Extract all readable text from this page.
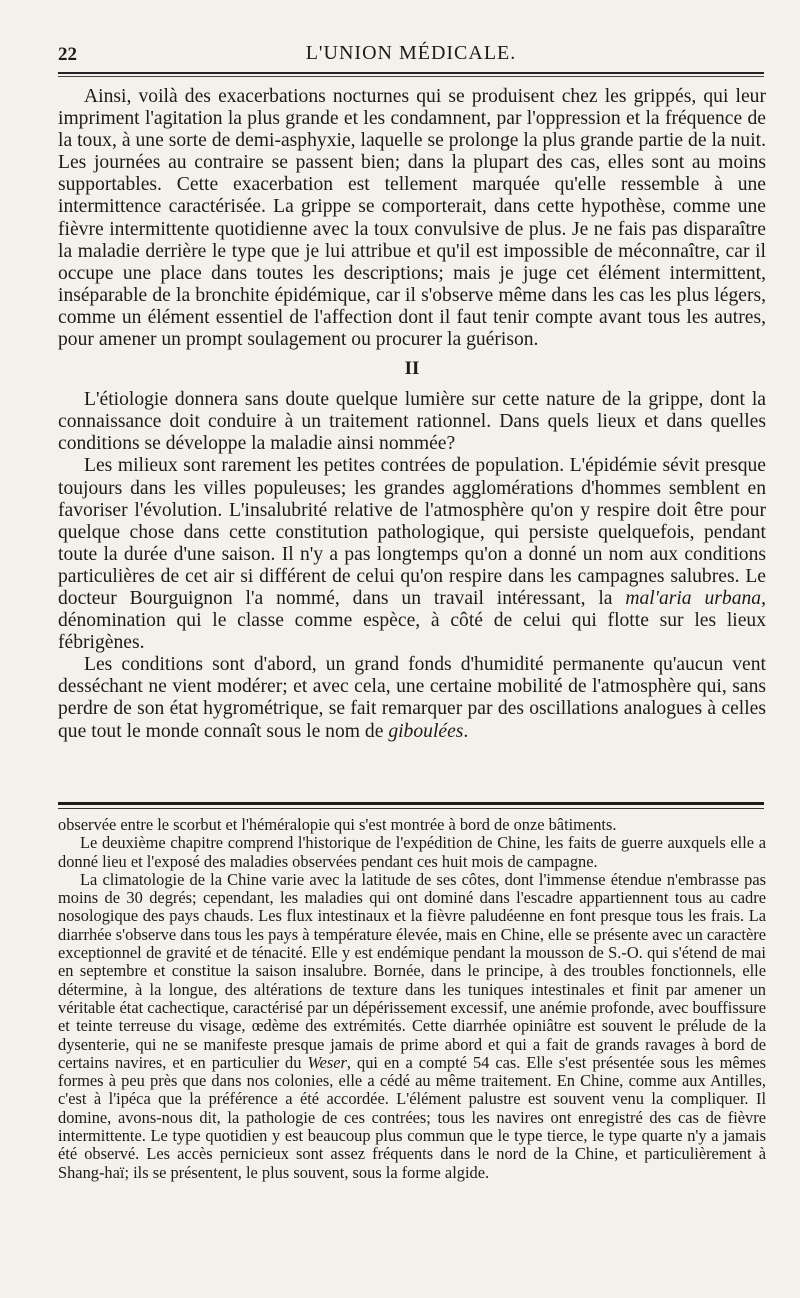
22	L'UNION MÉDICALE.

Ainsi, voilà des exacerbations nocturnes qui se produisent chez les grippés, qui leur impriment l'agitation la plus grande et les condamnent, par l'oppression et la fréquence de la toux, à une sorte de demi-asphyxie, laquelle se prolonge la plus grande partie de la nuit. Les journées au contraire se passent bien; dans la plupart des cas, elles sont au moins supportables. Cette exacerbation est tellement marquée qu'elle ressemble à une intermittence caractérisée. La grippe se comporterait, dans cette hypothèse, comme une fièvre intermittente quotidienne avec la toux convulsive de plus. Je ne fais pas disparaître la maladie derrière le type que je lui attribue et qu'il est impossible de méconnaître, car il occupe une place dans toutes les descriptions; mais je juge cet élément intermittent, inséparable de la bronchite épidémique, car il s'observe même dans les cas les plus légers, comme un élément essentiel de l'affection dont il faut tenir compte avant tous les autres, pour amener un prompt soulagement ou procurer la guérison.

II

L'étiologie donnera sans doute quelque lumière sur cette nature de la grippe, dont la connaissance doit conduire à un traitement rationnel. Dans quels lieux et dans quelles conditions se développe la maladie ainsi nommée?

Les milieux sont rarement les petites contrées de population. L'épidémie sévit presque toujours dans les villes populeuses; les grandes agglomérations d'hommes semblent en favoriser l'évolution. L'insalubrité relative de l'atmosphère qu'on y respire doit être pour quelque chose dans cette constitution pathologique, qui persiste quelquefois, pendant toute la durée d'une saison. Il n'y a pas longtemps qu'on a donné un nom aux conditions particulières de cet air si différent de celui qu'on respire dans les campagnes salubres. Le docteur Bourguignon l'a nommé, dans un travail intéressant, la mal'aria urbana, dénomination qui le classe comme espèce, à côté de celui qui flotte sur les lieux fébrigènes.

Les conditions sont d'abord, un grand fonds d'humidité permanente qu'aucun vent desséchant ne vient modérer; et avec cela, une certaine mobilité de l'atmosphère qui, sans perdre de son état hygrométrique, se fait remarquer par des oscillations analogues à celles que tout le monde connaît sous le nom de giboulées.

observée entre le scorbut et l'héméralopie qui s'est montrée à bord de onze bâtiments.

Le deuxième chapitre comprend l'historique de l'expédition de Chine, les faits de guerre auxquels elle a donné lieu et l'exposé des maladies observées pendant ces huit mois de campagne.

La climatologie de la Chine varie avec la latitude de ses côtes, dont l'immense étendue n'embrasse pas moins de 30 degrés; cependant, les maladies qui ont dominé dans l'escadre appartiennent tous au cadre nosologique des pays chauds. Les flux intestinaux et la fièvre paludéenne en font presque tous les frais. La diarrhée s'observe dans tous les pays à température élevée, mais en Chine, elle se présente avec un caractère exceptionnel de gravité et de ténacité. Elle y est endémique pendant la mousson de S.-O. qui s'étend de mai en septembre et constitue la saison insalubre. Bornée, dans le principe, à des troubles fonctionnels, elle détermine, à la longue, des altérations de texture dans les tuniques intestinales et finit par amener un véritable état cachectique, caractérisé par un dépérissement excessif, une anémie profonde, avec bouffissure et teinte terreuse du visage, œdème des extrémités. Cette diarrhée opiniâtre est souvent le prélude de la dysenterie, qui ne se manifeste presque jamais de prime abord et qui a fait de grands ravages à bord de certains navires, et en particulier du Weser, qui en a compté 54 cas. Elle s'est présentée sous les mêmes formes à peu près que dans nos colonies, elle a cédé au même traitement. En Chine, comme aux Antilles, c'est à l'ipéca que la préférence a été accordée. L'élément palustre est souvent venu la compliquer. Il domine, avons-nous dit, la pathologie de ces contrées; tous les navires ont enregistré des cas de fièvre intermittente. Le type quotidien y est beaucoup plus commun que le type tierce, le type quarte n'y a jamais été observé. Les accès pernicieux sont assez fréquents dans le nord de la Chine, et particulièrement à Shang-haï; ils se présentent, le plus souvent, sous la forme algide.
